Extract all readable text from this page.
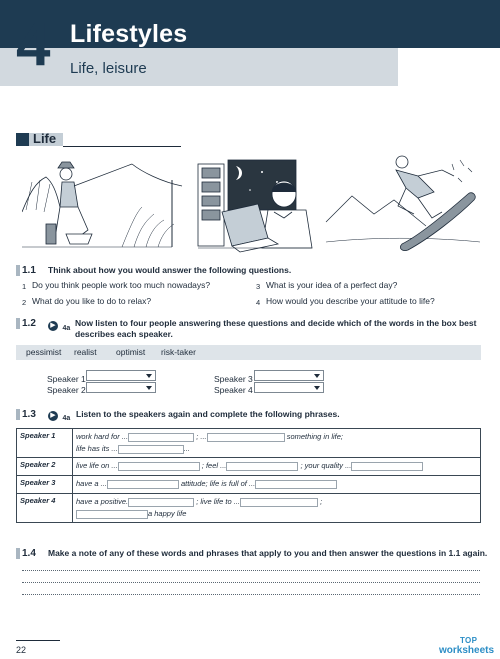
4 Lifestyles
Life, leisure
Life
1.1 Think about how you would answer the following questions.
1 Do you think people work too much nowadays?
2 What do you like to do to relax?
3 What is your idea of a perfect day?
4 How would you describe your attitude to life?
1.2	▶ 4a
Now listen to four people answering these questions and decide which of the words in the box best describes each speaker.
pessimist realist optimist risk-taker
Speaker 1
Speaker 2
Speaker 3
Speaker 4
1.3	▶ 4a Listen to the speakers again and complete the following phrases.
Speaker 1	work hard for ... ; ... something in life;
life has its ... ...
Speaker 2	live life on ... ; feel ... ; your quality ...
Speaker 3	have a ... attitude; life is full of ...
Speaker 4	have a positive. ; live life to ... ;
a happy life
1.4 Make a note of any of these words and phrases that apply to you and then answer the questions in 1.1 again.
22
TOP
worksheets
